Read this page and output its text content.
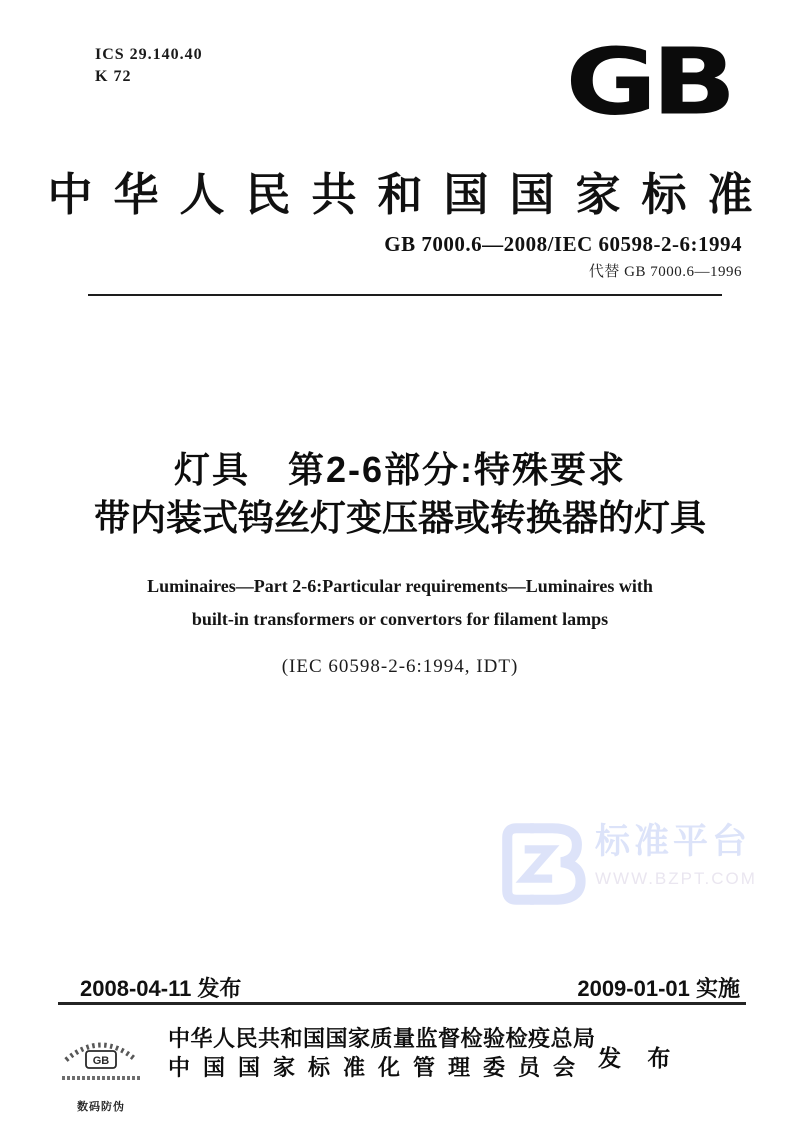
ICS 29.140.40
K 72	GB
中华人民共和国国家标准
GB 7000.6—2008/IEC 60598-2-6:1994
代替 GB 7000.6—1996
灯具　第2-6部分:特殊要求
带内装式钨丝灯变压器或转换器的灯具
Luminaires—Part 2-6:Particular requirements—Luminaires with
built-in transformers or convertors for filament lamps
(IEC 60598-2-6:1994, IDT)
标准平台
WWW.BZPT.COM
2008-04-11 发布	2009-01-01 实施
中华人民共和国国家质量监督检验检疫总局
中国国家标准化管理委员会 发 布
GB
数码防伪
